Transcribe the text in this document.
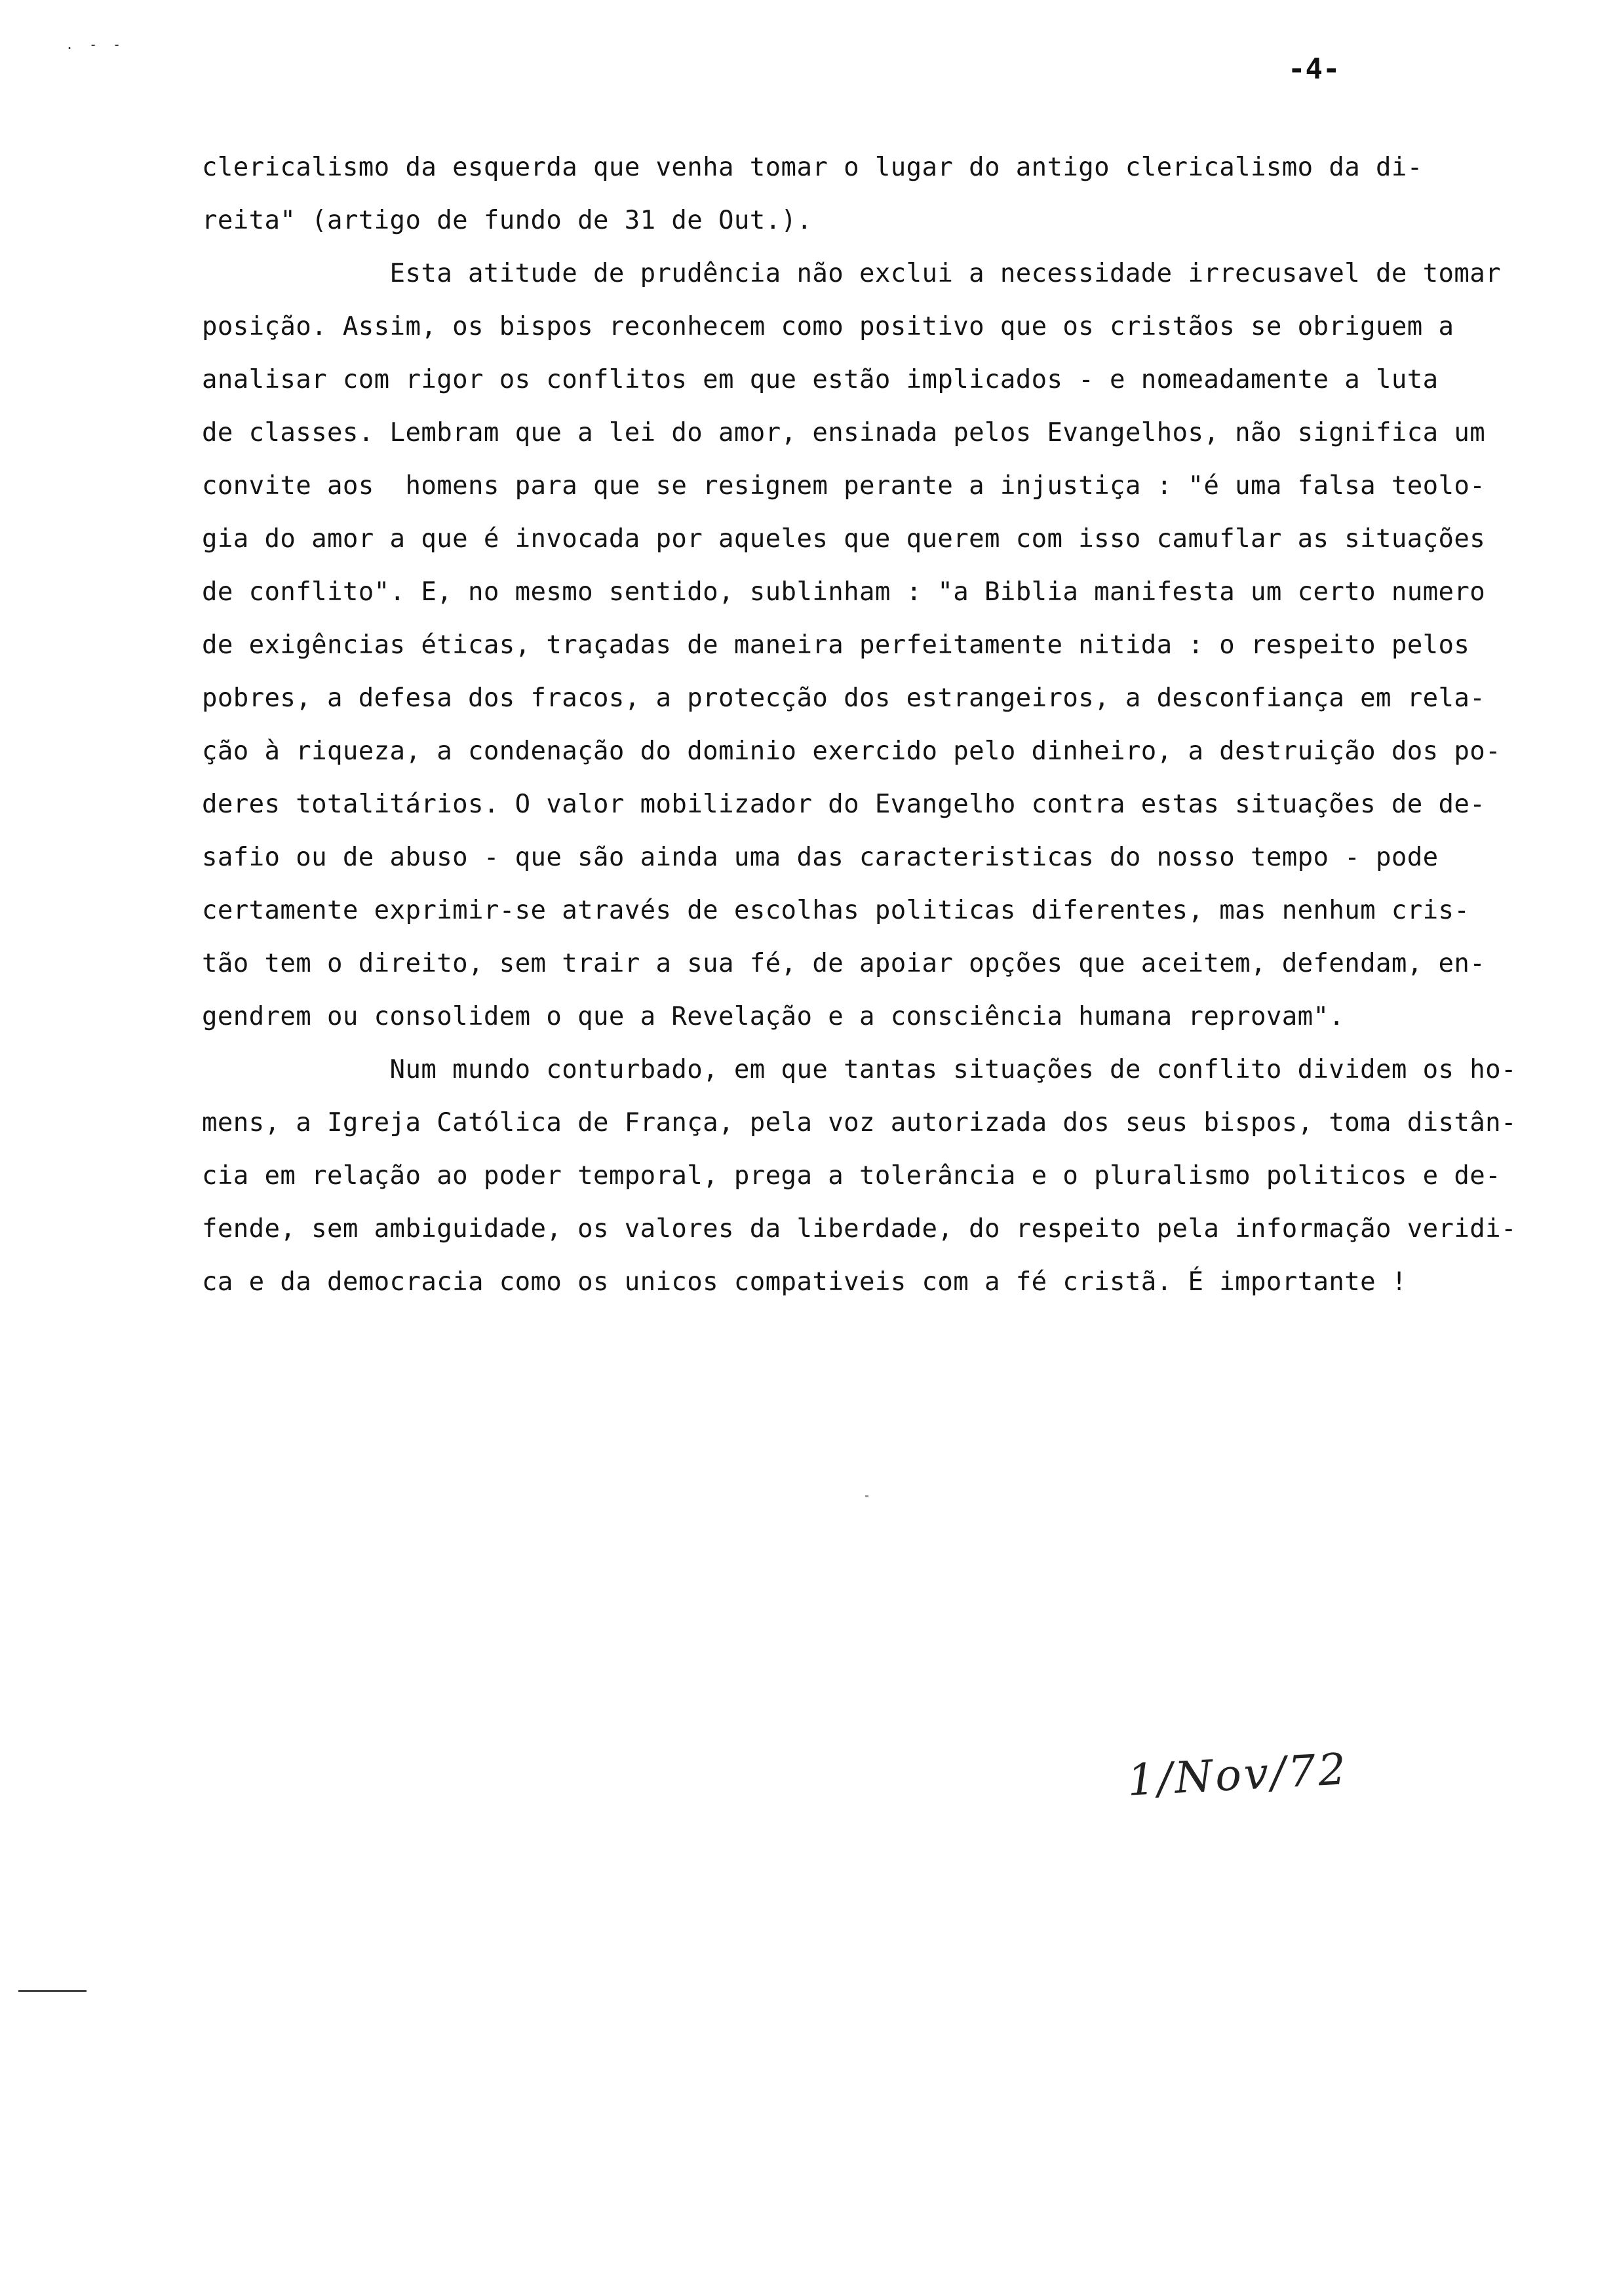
. - -
-4-
clericalismo da esquerda que venha tomar o lugar do antigo clericalismo da di-
reita" (artigo de fundo de 31 de Out.).
Esta atitude de prudência não exclui a necessidade irrecusavel de tomar
posição. Assim, os bispos reconhecem como positivo que os cristãos se obriguem a
analisar com rigor os conflitos em que estão implicados - e nomeadamente a luta
de classes. Lembram que a lei do amor, ensinada pelos Evangelhos, não significa um
convite aos  homens para que se resignem perante a injustiça : "é uma falsa teolo-
gia do amor a que é invocada por aqueles que querem com isso camuflar as situações
de conflito". E, no mesmo sentido, sublinham : "a Biblia manifesta um certo numero
de exigências éticas, traçadas de maneira perfeitamente nitida : o respeito pelos
pobres, a defesa dos fracos, a protecção dos estrangeiros, a desconfiança em rela-
ção à riqueza, a condenação do dominio exercido pelo dinheiro, a destruição dos po-
deres totalitários. O valor mobilizador do Evangelho contra estas situações de de-
safio ou de abuso - que são ainda uma das caracteristicas do nosso tempo - pode
certamente exprimir-se através de escolhas politicas diferentes, mas nenhum cris-
tão tem o direito, sem trair a sua fé, de apoiar opções que aceitem, defendam, en-
gendrem ou consolidem o que a Revelação e a consciência humana reprovam".
Num mundo conturbado, em que tantas situações de conflito dividem os ho-
mens, a Igreja Católica de França, pela voz autorizada dos seus bispos, toma distân-
cia em relação ao poder temporal, prega a tolerância e o pluralismo politicos e de-
fende, sem ambiguidade, os valores da liberdade, do respeito pela informação veridi-
ca e da democracia como os unicos compativeis com a fé cristã. É importante !
1/Nov/72
